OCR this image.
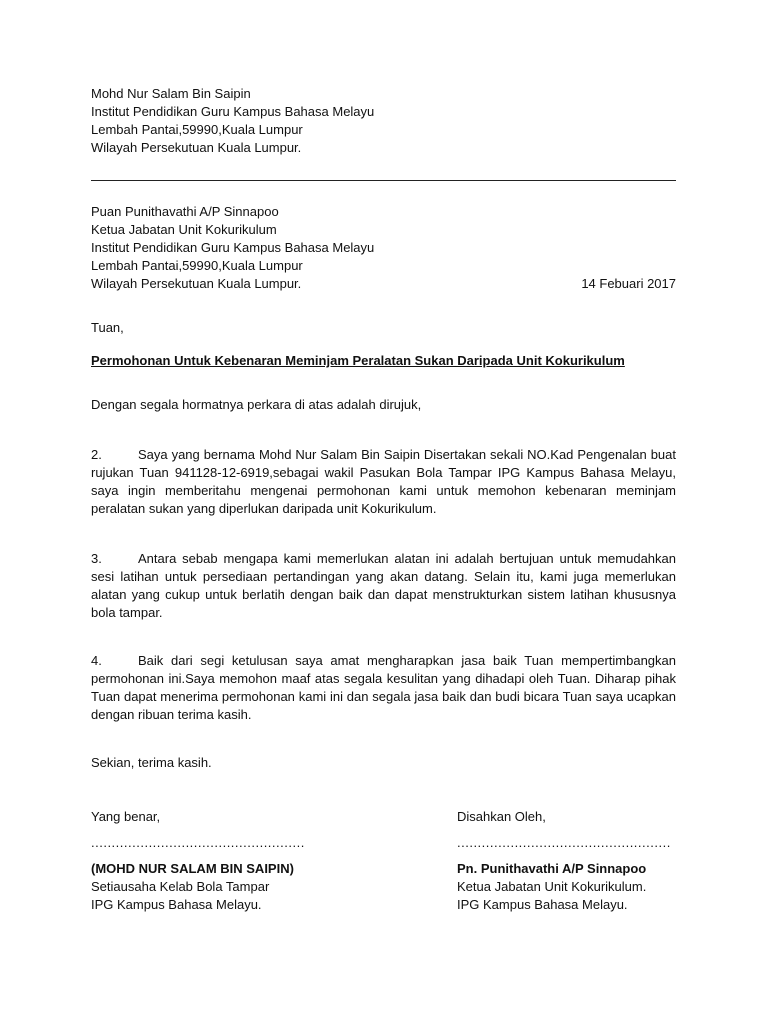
Mohd Nur Salam Bin Saipin
Institut Pendidikan Guru Kampus Bahasa Melayu
Lembah Pantai,59990,Kuala Lumpur
Wilayah Persekutuan Kuala Lumpur.
Puan Punithavathi A/P Sinnapoo
Ketua Jabatan Unit Kokurikulum
Institut Pendidikan Guru Kampus Bahasa Melayu
Lembah Pantai,59990,Kuala Lumpur
Wilayah Persekutuan Kuala Lumpur.	14 Febuari 2017
Tuan,
Permohonan Untuk Kebenaran Meminjam Peralatan Sukan Daripada Unit Kokurikulum
Dengan segala hormatnya perkara di atas adalah dirujuk,
2.	Saya yang bernama Mohd Nur Salam Bin Saipin Disertakan sekali NO.Kad Pengenalan buat rujukan Tuan 941128-12-6919,sebagai wakil Pasukan Bola Tampar IPG Kampus Bahasa Melayu, saya ingin memberitahu mengenai permohonan kami untuk memohon kebenaran meminjam peralatan sukan yang diperlukan daripada unit Kokurikulum.
3.	Antara sebab mengapa kami memerlukan alatan ini adalah bertujuan untuk memudahkan sesi latihan untuk persediaan pertandingan yang akan datang. Selain itu, kami juga memerlukan alatan yang cukup untuk berlatih dengan baik dan dapat menstrukturkan sistem latihan khususnya bola tampar.
4.	Baik dari segi ketulusan saya amat mengharapkan jasa baik Tuan mempertimbangkan permohonan ini.Saya memohon maaf atas segala kesulitan yang dihadapi oleh Tuan. Diharap pihak Tuan dapat menerima permohonan kami ini dan segala jasa baik dan budi bicara Tuan saya ucapkan dengan ribuan terima kasih.
Sekian, terima kasih.
Yang benar,
....................................................
(MOHD NUR SALAM BIN SAIPIN)
Setiausaha Kelab Bola Tampar
IPG Kampus Bahasa Melayu.
Disahkan Oleh,
....................................................
Pn. Punithavathi A/P Sinnapoo
Ketua Jabatan Unit Kokurikulum.
IPG Kampus Bahasa Melayu.
